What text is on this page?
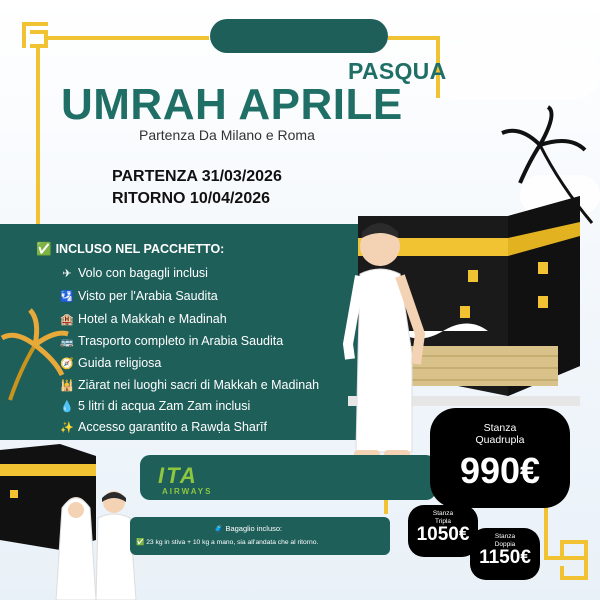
PASQUA
UMRAH APRILE
Partenza Da Milano e Roma
PARTENZA 31/03/2026
RITORNO 10/04/2026
✅ INCLUSO NEL PACCHETTO:
✈ Volo con bagagli inclusi
🛂 Visto per l'Arabia Saudita
🏨 Hotel a Makkah e Madinah
🚌 Trasporto completo in Arabia Saudita
🧭 Guida religiosa
🕌 Ziārat nei luoghi sacri di Makkah e Madinah
💧 5 litri di acqua Zam Zam inclusi
✨ Accesso garantito a Rawḍa Sharīf
ITA
AIRWAYS
🧳 Bagaglio incluso:
✅ 23 kg in stiva + 10 kg a mano, sia all'andata che al ritorno.
Stanza
Quadrupla
990€
Stanza
Tripla
1050€	Stanza
Doppia
1150€
